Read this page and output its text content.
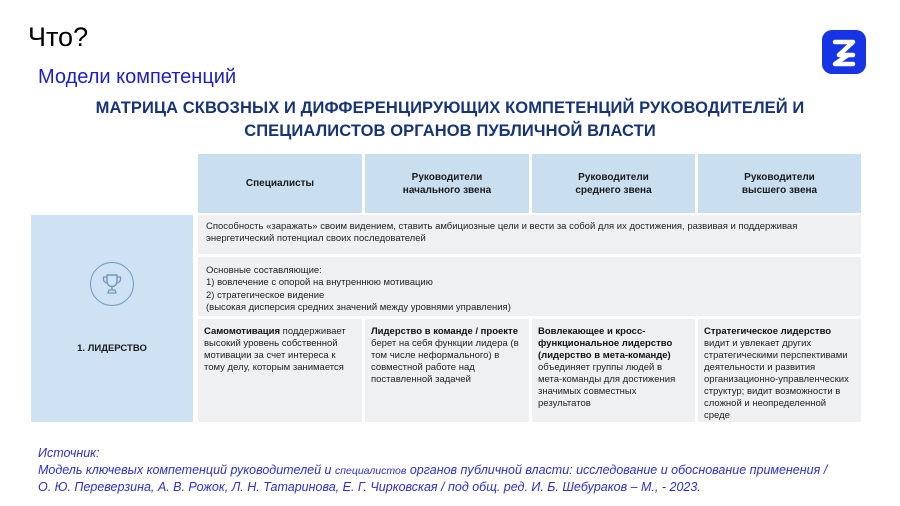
Что?
Модели компетенций
МАТРИЦА СКВОЗНЫХ И ДИФФЕРЕНЦИРУЮЩИХ КОМПЕТЕНЦИЙ РУКОВОДИТЕЛЕЙ И
СПЕЦИАЛИСТОВ ОРГАНОВ ПУБЛИЧНОЙ ВЛАСТИ
Специалисты
Руководители
начального звена
Руководители
среднего звена
Руководители
высшего звена
1. ЛИДЕРСТВО
Способность «заражать» своим видением, ставить амбициозные цели и вести за собой для их достижения, развивая и поддерживая энергетический потенциал своих последователей
Основные составляющие:
1) вовлечение с опорой на внутреннюю мотивацию
2) стратегическое видение
(высокая дисперсия средних значений между уровнями управления)
Самомотивация поддерживает высокий уровень собственной мотивации за счет интереса к тому делу, которым занимается
Лидерство в команде / проекте берет на себя функции лидера (в том числе неформального) в совместной работе над поставленной задачей
Вовлекающее и кросс-функциональное лидерство (лидерство в мета-команде) объединяет группы людей в мета-команды для достижения значимых совместных результатов
Стратегическое лидерство видит и увлекает других стратегическими перспективами деятельности и развития организационно-управленческих структур; видит возможности в сложной и неопределенной среде
Источник:
Модель ключевых компетенций руководителей и специалистов органов публичной власти: исследование и обоснование применения /
О. Ю. Переверзина, А. В. Рожок, Л. Н. Татаринова, Е. Г. Чирковская / под общ. ред. И. Б. Шебураков – М., - 2023.
